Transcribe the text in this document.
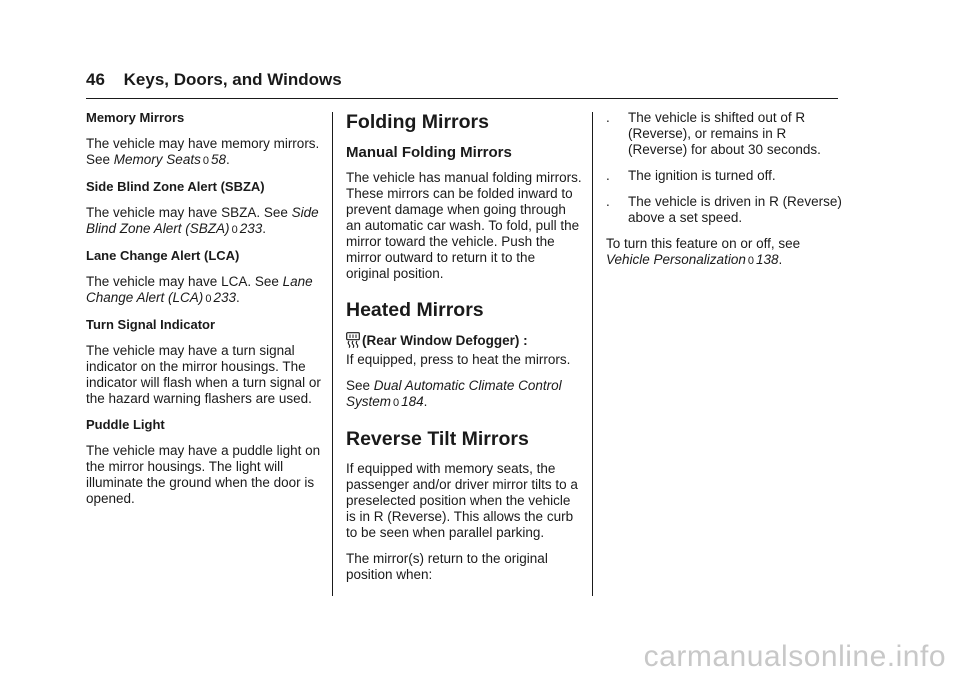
46 Keys, Doors, and Windows
Memory Mirrors

The vehicle may have memory mirrors. See Memory Seats 0 58.

Side Blind Zone Alert (SBZA)

The vehicle may have SBZA. See Side Blind Zone Alert (SBZA) 0 233.

Lane Change Alert (LCA)

The vehicle may have LCA. See Lane Change Alert (LCA) 0 233.

Turn Signal Indicator

The vehicle may have a turn signal indicator on the mirror housings. The indicator will flash when a turn signal or the hazard warning flashers are used.

Puddle Light

The vehicle may have a puddle light on the mirror housings. The light will illuminate the ground when the door is opened.

Folding Mirrors
Manual Folding Mirrors

The vehicle has manual folding mirrors. These mirrors can be folded inward to prevent damage when going through an automatic car wash. To fold, pull the mirror toward the vehicle. Push the mirror outward to return it to the original position.

Heated Mirrors
(Rear Window Defogger) :

If equipped, press to heat the mirrors.

See Dual Automatic Climate Control System 0 184.

Reverse Tilt Mirrors

If equipped with memory seats, the passenger and/or driver mirror tilts to a preselected position when the vehicle is in R (Reverse). This allows the curb to be seen when parallel parking.

The mirror(s) return to the original position when:

. The vehicle is shifted out of R (Reverse), or remains in R (Reverse) for about 30 seconds.
. The ignition is turned off.
. The vehicle is driven in R (Reverse) above a set speed.

To turn this feature on or off, see Vehicle Personalization 0 138.

carmanualsonline.info
